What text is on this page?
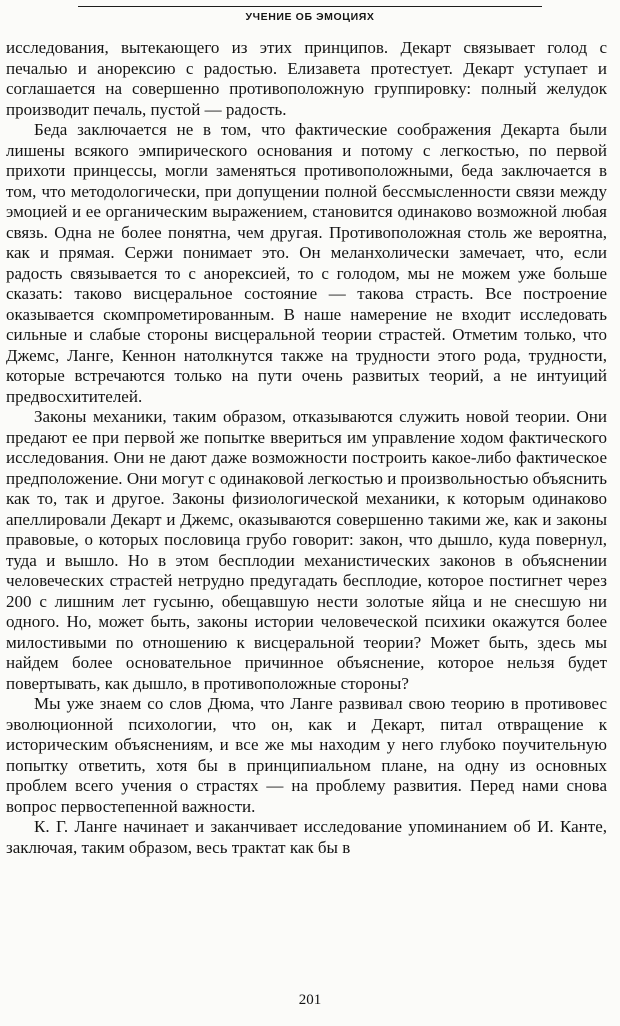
УЧЕНИЕ ОБ ЭМОЦИЯХ

исследования, вытекающего из этих принципов. Декарт связывает голод с печалью и анорексию с радостью. Елизавета протестует. Декарт уступает и соглашается на совершенно противоположную группировку: полный желудок производит печаль, пустой — радость.

Беда заключается не в том, что фактические соображения Декарта были лишены всякого эмпирического основания и потому с легкостью, по первой прихоти принцессы, могли заменяться противоположными, беда заключается в том, что методологически, при допущении полной бессмысленности связи между эмоцией и ее органическим выражением, становится одинаково возможной любая связь. Одна не более понятна, чем другая. Противоположная столь же вероятна, как и прямая. Сержи понимает это. Он меланхолически замечает, что, если радость связывается то с анорексией, то с голодом, мы не можем уже больше сказать: таково висцеральное состояние — такова страсть. Все построение оказывается скомпрометированным. В наше намерение не входит исследовать сильные и слабые стороны висцеральной теории страстей. Отметим только, что Джемс, Ланге, Кеннон натолкнутся также на трудности этого рода, трудности, которые встречаются только на пути очень развитых теорий, а не интуиций предвосхитителей.

Законы механики, таким образом, отказываются служить новой теории. Они предают ее при первой же попытке ввериться им управление ходом фактического исследования. Они не дают даже возможности построить какое-либо фактическое предположение. Они могут с одинаковой легкостью и произвольностью объяснить как то, так и другое. Законы физиологической механики, к которым одинаково апеллировали Декарт и Джемс, оказываются совершенно такими же, как и законы правовые, о которых пословица грубо говорит: закон, что дышло, куда повернул, туда и вышло. Но в этом бесплодии механистических законов в объяснении человеческих страстей нетрудно предугадать бесплодие, которое постигнет через 200 с лишним лет гусыню, обещавшую нести золотые яйца и не снесшую ни одного. Но, может быть, законы истории человеческой психики окажутся более милостивыми по отношению к висцеральной теории? Может быть, здесь мы найдем более основательное причинное объяснение, которое нельзя будет повертывать, как дышло, в противоположные стороны?

Мы уже знаем со слов Дюма, что Ланге развивал свою теорию в противовес эволюционной психологии, что он, как и Декарт, питал отвращение к историческим объяснениям, и все же мы находим у него глубоко поучительную попытку ответить, хотя бы в принципиальном плане, на одну из основных проблем всего учения о страстях — на проблему развития. Перед нами снова вопрос первостепенной важности.

К. Г. Ланге начинает и заканчивает исследование упоминанием об И. Канте, заключая, таким образом, весь трактат как бы в

201
